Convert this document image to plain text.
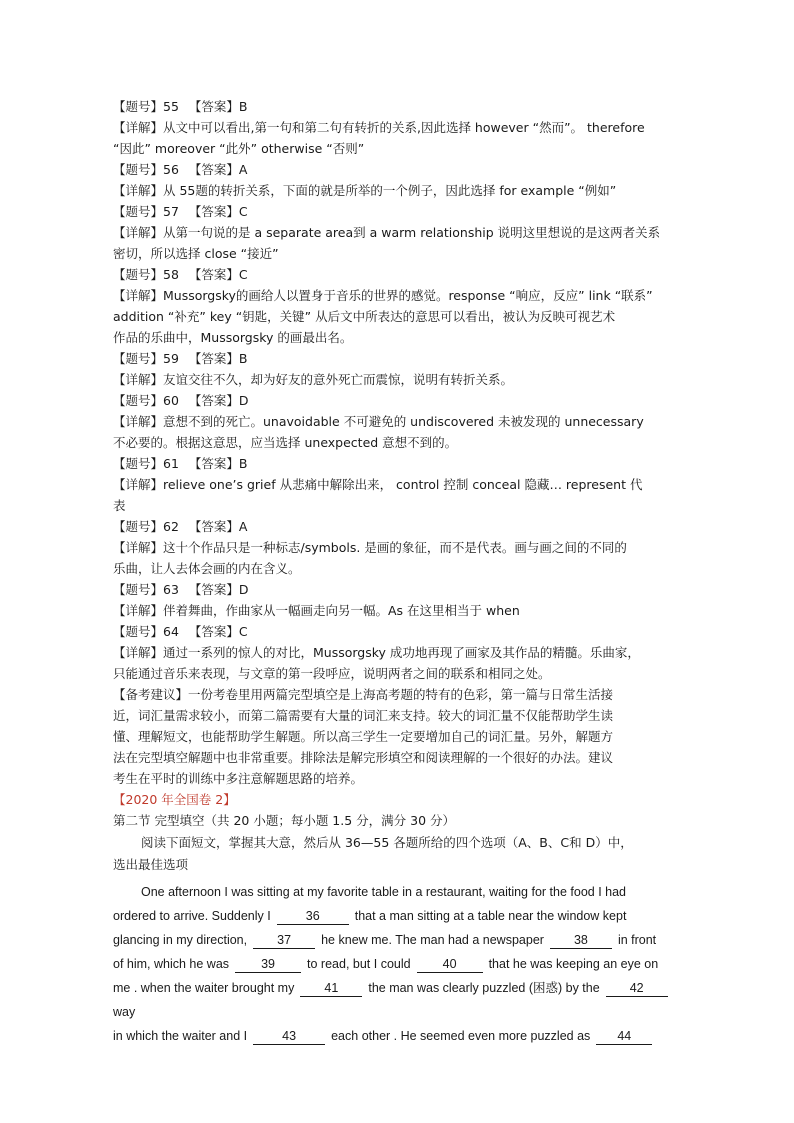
【题号】55 【答案】B
【详解】从文中可以看出,第一句和第二句有转折的关系,因此选择 however “然而”。 therefore
“因此” moreover “此外” otherwise “否则”
【题号】56 【答案】A
【详解】从 55题的转折关系，下面的就是所举的一个例子，因此选择 for example “例如”
【题号】57 【答案】C
【详解】从第一句说的是 a separate area到 a warm relationship 说明这里想说的是这两者关系
密切，所以选择 close “接近”
【题号】58 【答案】C
【详解】Mussorgsky的画给人以置身于音乐的世界的感觉。response “响应，反应” link “联系”
addition “补充” key “钥匙，关键” 从后文中所表达的意思可以看出，被认为反映可视艺术
作品的乐曲中，Mussorgsky 的画最出名。
【题号】59 【答案】B
【详解】友谊交往不久，却为好友的意外死亡而震惊，说明有转折关系。
【题号】60 【答案】D
【详解】意想不到的死亡。unavoidable 不可避免的 undiscovered 未被发现的 unnecessary
不必要的。根据这意思，应当选择 unexpected 意想不到的。
【题号】61 【答案】B
【详解】relieve one’s grief 从悲痛中解除出来， control 控制 conceal 隐藏… represent 代
表
【题号】62 【答案】A
【详解】这十个作品只是一种标志/symbols. 是画的象征，而不是代表。画与画之间的不同的
乐曲，让人去体会画的内在含义。
【题号】63 【答案】D
【详解】伴着舞曲，作曲家从一幅画走向另一幅。As 在这里相当于 when
【题号】64 【答案】C
【详解】通过一系列的惊人的对比，Mussorgsky 成功地再现了画家及其作品的精髓。乐曲家，
只能通过音乐来表现，与文章的第一段呼应，说明两者之间的联系和相同之处。
【备考建议】一份考卷里用两篇完型填空是上海高考题的特有的色彩，第一篇与日常生活接
近，词汇量需求较小，而第二篇需要有大量的词汇来支持。较大的词汇量不仅能帮助学生读
懂、理解短文，也能帮助学生解题。所以高三学生一定要增加自己的词汇量。另外，解题方
法在完型填空解题中也非常重要。排除法是解完形填空和阅读理解的一个很好的办法。建议
考生在平时的训练中多注意解题思路的培养。
【2020 年全国卷 2】
第二节 完型填空（共 20 小题；每小题 1.5 分，满分 30 分）
阅读下面短文，掌握其大意，然后从 36—55 各题所给的四个选项（A、B、C和 D）中，
选出最佳选项
One afternoon I was sitting at my favorite table in a restaurant, waiting for the food I had
ordered to arrive. Suddenly I	36	that a man sitting at a table near the window kept
glancing in my direction, 37 he knew me. The man had a newspaper 38 in front
of him, which he was	39	to read, but I could	40	that he was keeping an eye on
me . when the waiter brought my 41 the man was clearly puzzled (困惑) by the 42way
in which the waiter and I	43	each other . He seemed even more puzzled as 44
